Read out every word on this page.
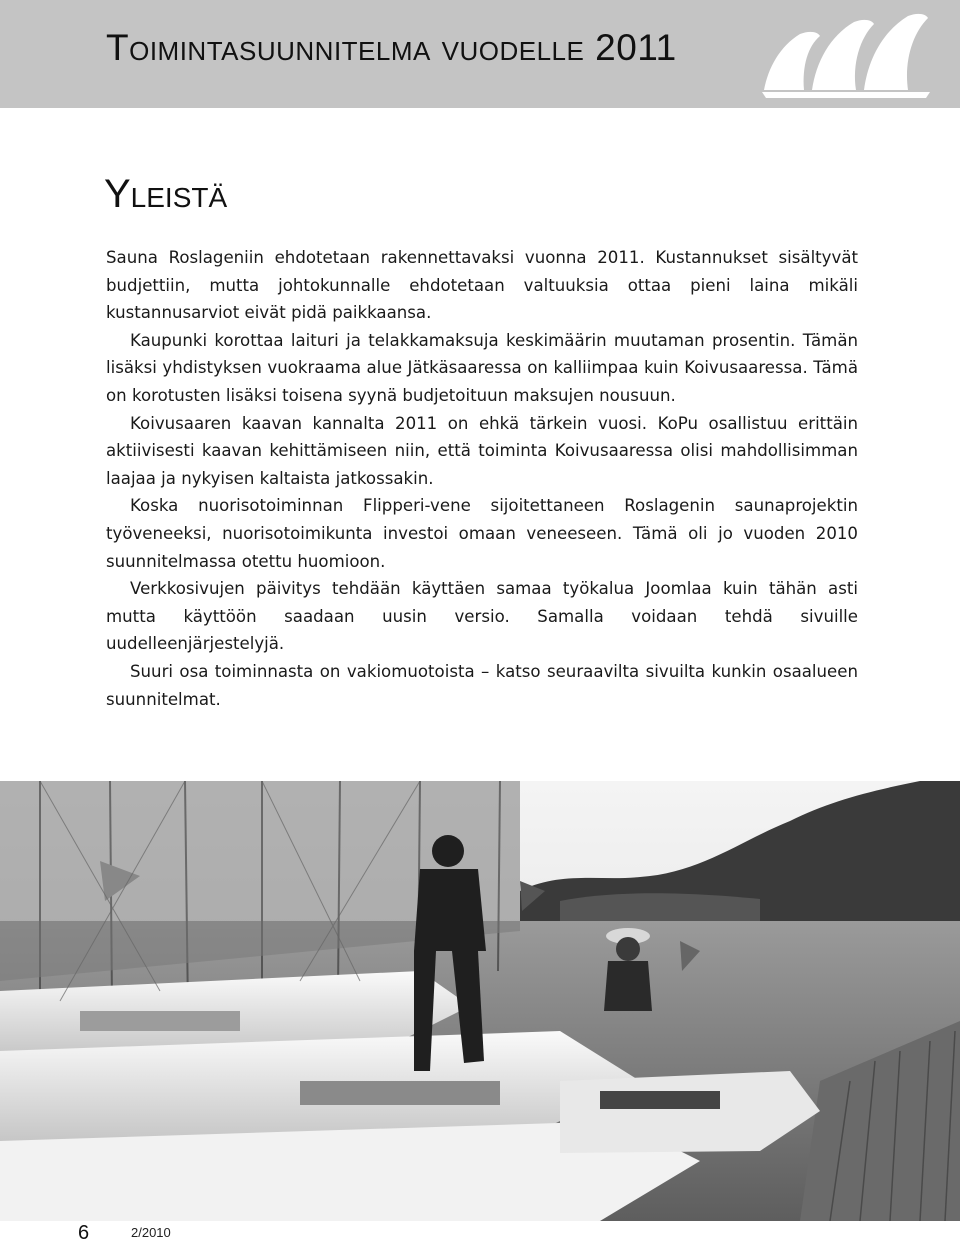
Toimintasuunnitelma vuodelle 2011
Yleistä

Sauna Roslageniin ehdotetaan rakennettavaksi vuonna 2011. Kustannukset sisältyvät budjettiin, mutta johtokunnalle ehdotetaan valtuuksia ottaa pieni laina mikäli kustannusarviot eivät pidä paikkaansa.

Kaupunki korottaa laituri ja telakkamaksuja keskimäärin muutaman prosentin. Tämän lisäksi yhdistyksen vuokraama alue Jätkäsaaressa on kalliimpaa kuin Koivusaaressa. Tämä on korotusten lisäksi toisena syynä budjetoituun maksujen nousuun.

Koivusaaren kaavan kannalta 2011 on ehkä tärkein vuosi. KoPu osallistuu erittäin aktiivisesti kaavan kehittämiseen niin, että toiminta Koivusaaressa olisi mahdollisimman laajaa ja nykyisen kaltaista jatkossakin.

Koska nuorisotoiminnan Flipperi-vene sijoitettaneen Roslagenin saunaprojektin työveneeksi, nuorisotoimikunta investoi omaan veneeseen. Tämä oli jo vuoden 2010 suunnitelmassa otettu huomioon.

Verkkosivujen päivitys tehdään käyttäen samaa työkalua Joomlaa kuin tähän asti mutta käyttöön saadaan uusin versio. Samalla voidaan tehdä sivuille uudelleenjärjestelyjä.

Suuri osa toiminnasta on vakiomuotoista – katso seuraavilta sivuilta kunkin osaalueen suunnitelmat.

6	2/2010
